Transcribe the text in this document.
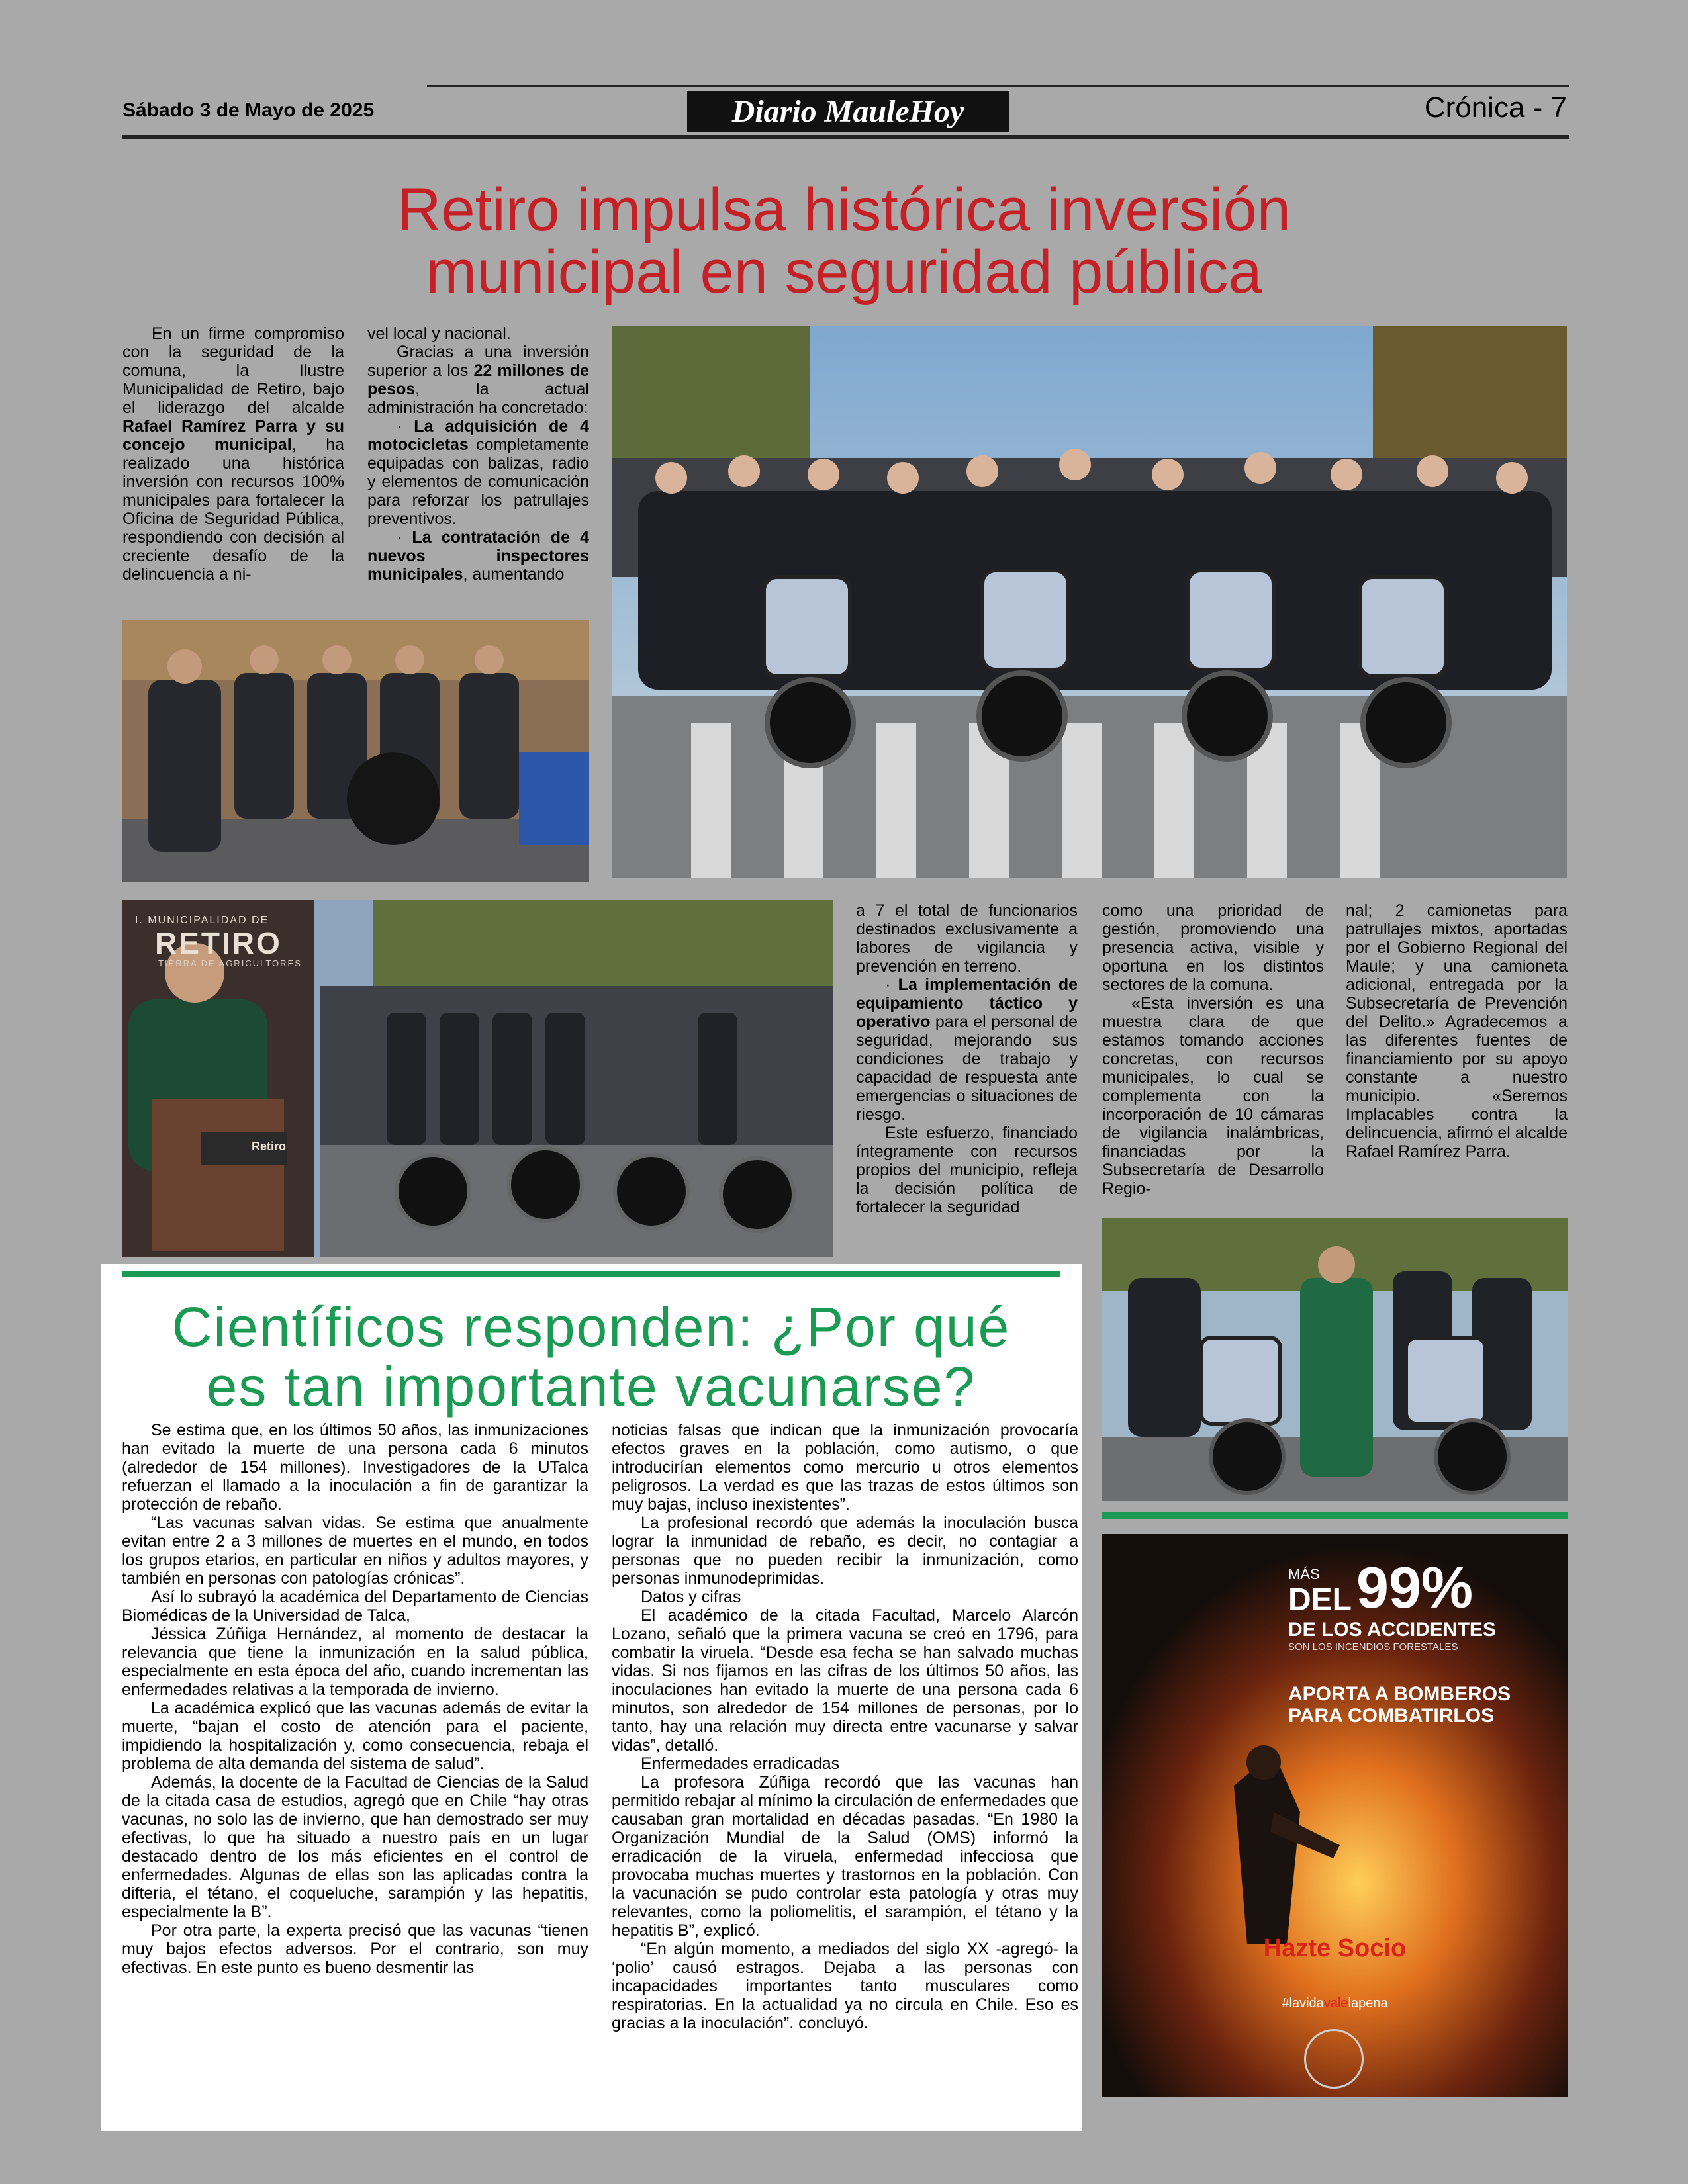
Sábado 3 de Mayo de 2025	Diario MauleHoy	Crónica - 7
Retiro impulsa histórica inversión
municipal en seguridad pública

En un firme compromiso con la seguridad de la comuna, la Ilustre Municipalidad de Retiro, bajo el liderazgo del alcalde Rafael Ramírez Parra y su concejo municipal, ha realizado una histórica inversión con recursos 100% municipales para fortalecer la Oficina de Seguridad Pública, respondiendo con decisión al creciente desafío de la delincuencia a ni-

vel local y nacional.

Gracias a una inversión superior a los 22 millones de pesos, la actual administración ha concretado:

· La adquisición de 4 motocicletas completamente equipadas con balizas, radio y elementos de comunicación para reforzar los patrullajes preventivos.

· La contratación de 4 nuevos inspectores municipales, aumentando

a 7 el total de funcionarios destinados exclusivamente a labores de vigilancia y prevención en terreno.

· La implementación de equipamiento táctico y operativo para el personal de seguridad, mejorando sus condiciones de trabajo y capacidad de respuesta ante emergencias o situaciones de riesgo.

Este esfuerzo, financiado íntegramente con recursos propios del municipio, refleja la decisión política de fortalecer la seguridad

como una prioridad de gestión, promoviendo una presencia activa, visible y oportuna en los distintos sectores de la comuna.

«Esta inversión es una muestra clara de que estamos tomando acciones concretas, con recursos municipales, lo cual se complementa con la incorporación de 10 cámaras de vigilancia inalámbricas, financiadas por la Subsecretaría de Desarrollo Regio-

nal; 2 camionetas para patrullajes mixtos, aportadas por el Gobierno Regional del Maule; y una camioneta adicional, entregada por la Subsecretaría de Prevención del Delito.» Agradecemos a las diferentes fuentes de financiamiento por su apoyo constante a nuestro municipio. «Seremos Implacables contra la delincuencia, afirmó el alcalde Rafael Ramírez Parra.

I. MUNICIPALIDAD DE
RETIRO
TIERRA DE AGRICULTORES
Retiro
Científicos responden: ¿Por qué
es tan importante vacunarse?

Se estima que, en los últimos 50 años, las inmunizaciones han evitado la muerte de una persona cada 6 minutos (alrededor de 154 millones). Investigadores de la UTalca refuerzan el llamado a la inoculación a fin de garantizar la protección de rebaño.

“Las vacunas salvan vidas. Se estima que anualmente evitan entre 2 a 3 millones de muertes en el mundo, en todos los grupos etarios, en particular en niños y adultos mayores, y también en personas con patologías crónicas”.

Así lo subrayó la académica del Departamento de Ciencias Biomédicas de la Universidad de Talca,

Jéssica Zúñiga Hernández, al momento de destacar la relevancia que tiene la inmunización en la salud pública, especialmente en esta época del año, cuando incrementan las enfermedades relativas a la temporada de invierno.

La académica explicó que las vacunas además de evitar la muerte, “bajan el costo de atención para el paciente, impidiendo la hospitalización y, como consecuencia, rebaja el problema de alta demanda del sistema de salud”.

Además, la docente de la Facultad de Ciencias de la Salud de la citada casa de estudios, agregó que en Chile “hay otras vacunas, no solo las de invierno, que han demostrado ser muy efectivas, lo que ha situado a nuestro país en un lugar destacado dentro de los más eficientes en el control de enfermedades. Algunas de ellas son las aplicadas contra la difteria, el tétano, el coqueluche, sarampión y las hepatitis, especialmente la B”.

Por otra parte, la experta precisó que las vacunas “tienen muy bajos efectos adversos. Por el contrario, son muy efectivas. En este punto es bueno desmentir las

noticias falsas que indican que la inmunización provocaría efectos graves en la población, como autismo, o que introducirían elementos como mercurio u otros elementos peligrosos. La verdad es que las trazas de estos últimos son muy bajas, incluso inexistentes”.

La profesional recordó que además la inoculación busca lograr la inmunidad de rebaño, es decir, no contagiar a personas que no pueden recibir la inmunización, como personas inmunodeprimidas.

Datos y cifras

El académico de la citada Facultad, Marcelo Alarcón Lozano, señaló que la primera vacuna se creó en 1796, para combatir la viruela. “Desde esa fecha se han salvado muchas vidas. Si nos fijamos en las cifras de los últimos 50 años, las inoculaciones han evitado la muerte de una persona cada 6 minutos, son alrededor de 154 millones de personas, por lo tanto, hay una relación muy directa entre vacunarse y salvar vidas”, detalló.

Enfermedades erradicadas

La profesora Zúñiga recordó que las vacunas han permitido rebajar al mínimo la circulación de enfermedades que causaban gran mortalidad en décadas pasadas. “En 1980 la Organización Mundial de la Salud (OMS) informó la erradicación de la viruela, enfermedad infecciosa que provocaba muchas muertes y trastornos en la población. Con la vacunación se pudo controlar esta patología y otras muy relevantes, como la poliomelitis, el sarampión, el tétano y la hepatitis B”, explicó.

“En algún momento, a mediados del siglo XX -agregó- la ‘polio’ causó estragos. Dejaba a las personas con incapacidades importantes tanto musculares como respiratorias. En la actualidad ya no circula en Chile. Eso es gracias a la inoculación”. concluyó.

MÁS
DEL 99%
DE LOS ACCIDENTES
SON LOS INCENDIOS FORESTALES
APORTA A BOMBEROS
PARA COMBATIRLOS
Hazte Socio
#lavidavalelapena
